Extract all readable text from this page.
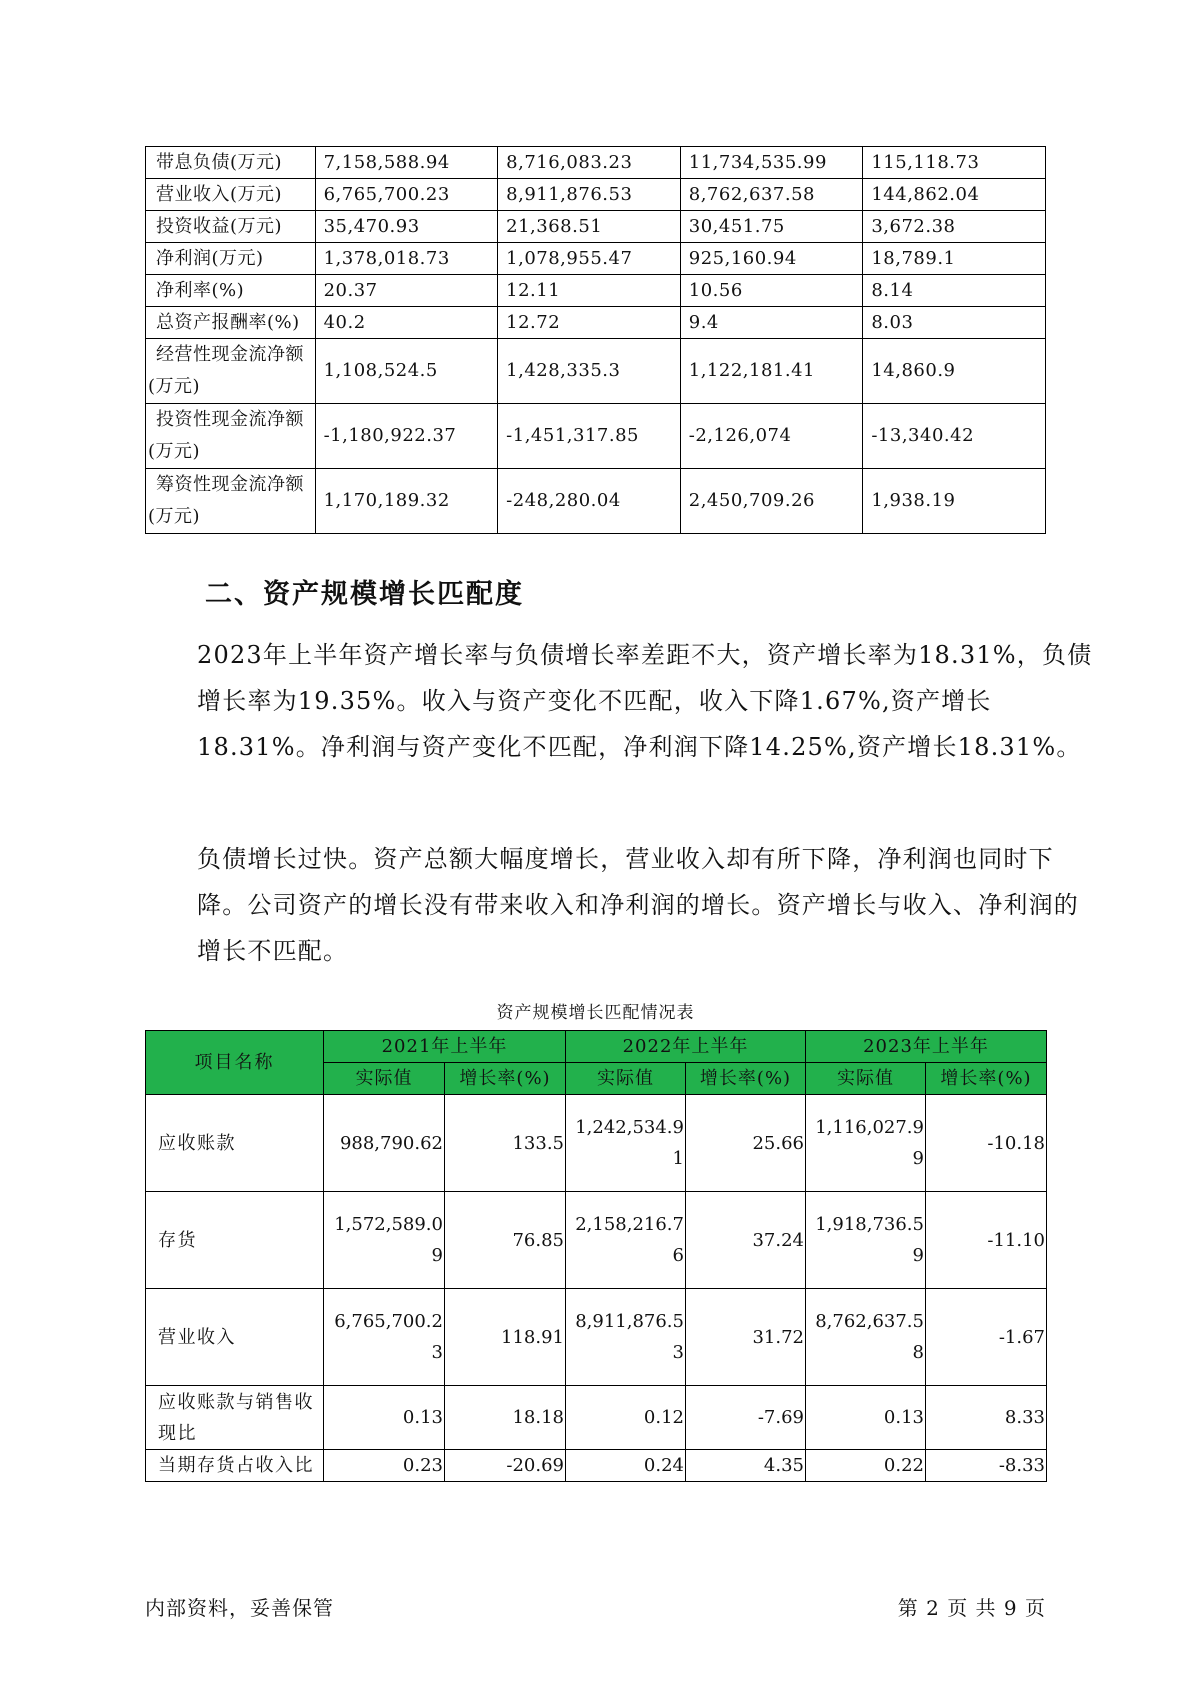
带息负债(万元)	7,158,588.94	8,716,083.23	11,734,535.99	115,118.73
营业收入(万元)	6,765,700.23	8,911,876.53	8,762,637.58	144,862.04
投资收益(万元)	35,470.93	21,368.51	30,451.75	3,672.38
净利润(万元)	1,378,018.73	1,078,955.47	925,160.94	18,789.1
净利率(%)	20.37	12.11	10.56	8.14
总资产报酬率(%)	40.2	12.72	9.4	8.03
经营性现金流净额(万元)	1,108,524.5	1,428,335.3	1,122,181.41	14,860.9
投资性现金流净额(万元)	-1,180,922.37	-1,451,317.85	-2,126,074	-13,340.42
筹资性现金流净额(万元)	1,170,189.32	-248,280.04	2,450,709.26	1,938.19
二、资产规模增长匹配度

2023年上半年资产增长率与负债增长率差距不大，资产增长率为18.31%，负债增长率为19.35%。收入与资产变化不匹配，收入下降1.67%,资产增长18.31%。净利润与资产变化不匹配，净利润下降14.25%,资产增长18.31%。

负债增长过快。资产总额大幅度增长，营业收入却有所下降，净利润也同时下降。公司资产的增长没有带来收入和净利润的增长。资产增长与收入、净利润的增长不匹配。

资产规模增长匹配情况表
项目名称	2021年上半年		2022年上半年		2023年上半年	
	实际值	增长率(%)	实际值	增长率(%)	实际值	增长率(%)
应收账款	988,790.62	133.5	1,242,534.91	25.66	1,116,027.99	-10.18
存货	1,572,589.09	76.85	2,158,216.76	37.24	1,918,736.59	-11.10
营业收入	6,765,700.23	118.91	8,911,876.53	31.72	8,762,637.58	-1.67
应收账款与销售收现比	0.13	18.18	0.12	-7.69	0.13	8.33
当期存货占收入比	0.23	-20.69	0.24	4.35	0.22	-8.33
内部资料，妥善保管	第 2 页 共 9 页
